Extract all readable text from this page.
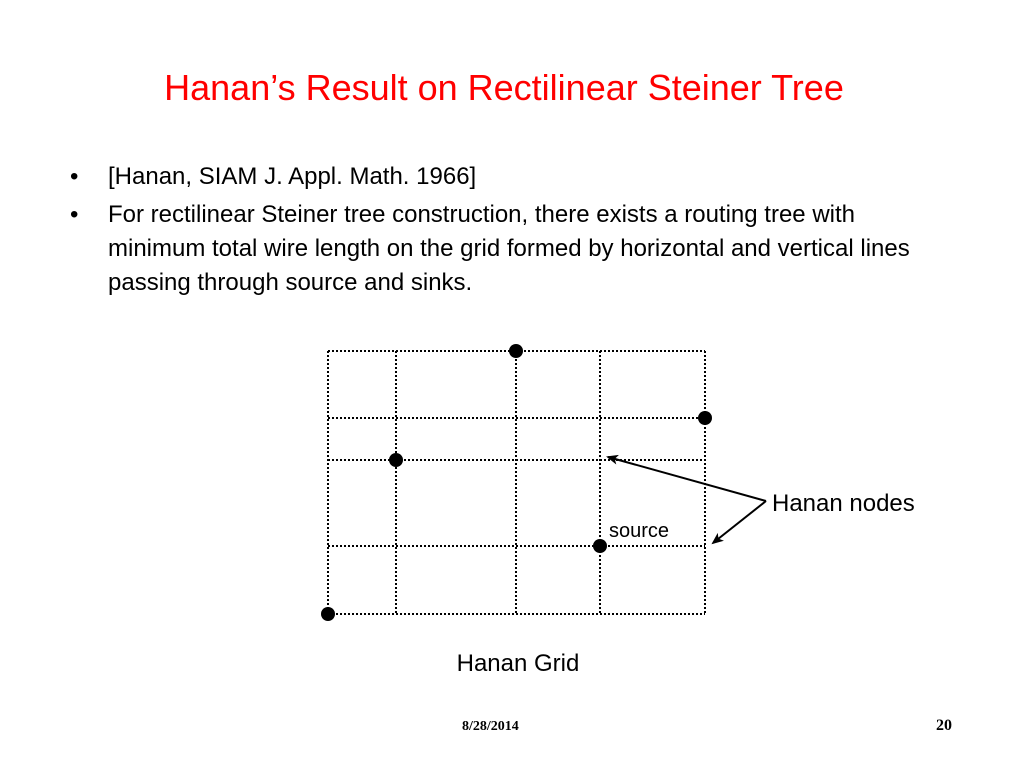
Hanan’s Result on Rectilinear Steiner Tree
• [Hanan, SIAM J. Appl. Math. 1966]
• For rectilinear Steiner tree construction, there exists a routing tree with minimum total wire length on the grid formed by horizontal and vertical lines passing through source and sinks.
Hanan nodes
source
Hanan Grid
8/28/2014	20
